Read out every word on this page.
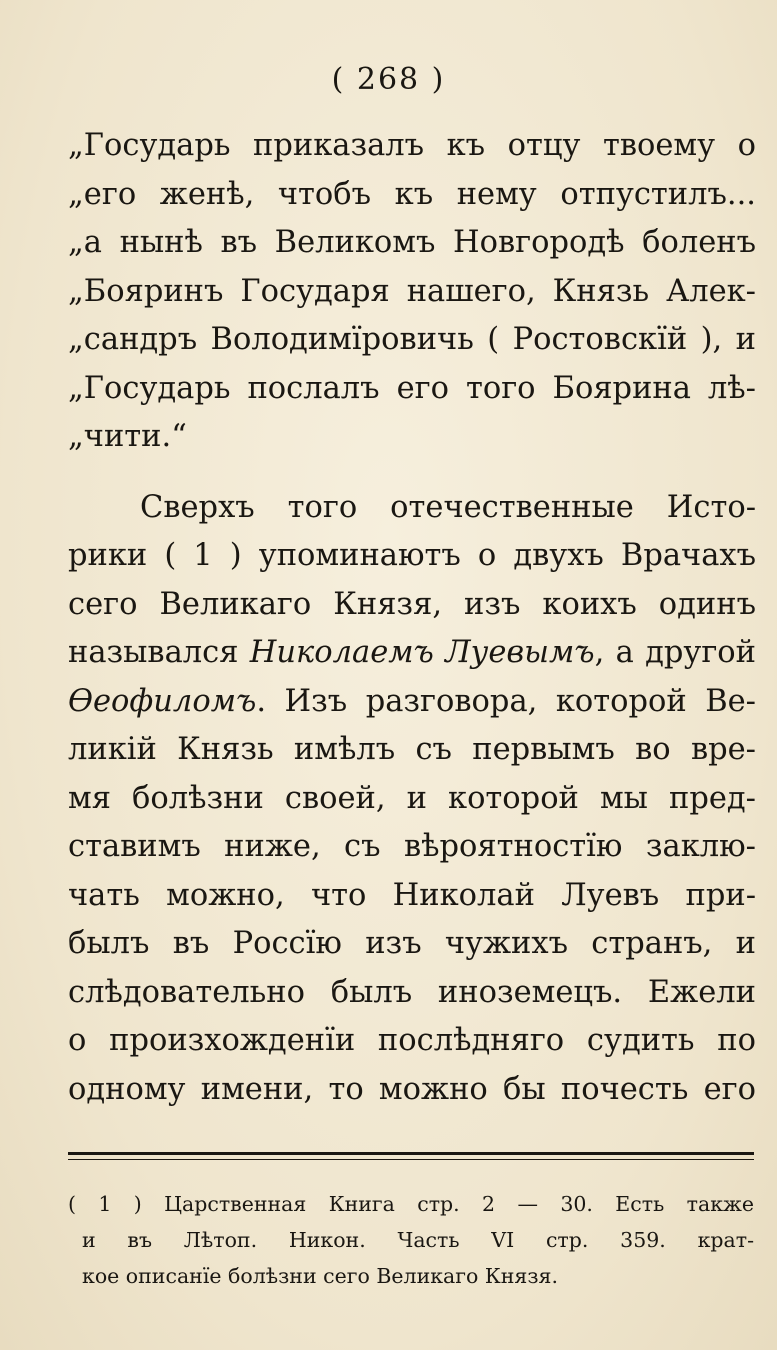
( 268 )
„Государь приказалъ къ отцу твоему о
„его женѣ, чтобъ къ нему отпустилъ...
„а нынѣ въ Великомъ Новгородѣ боленъ
„Бояринъ Государя нашего, Князь Алек-
„сандръ Володимїровичь ( Ростовскїй ), и
„Государь послалъ его того Боярина лѣ-
„чити.“
Сверхъ того отечественные Исто-
рики ( 1 ) упоминаютъ о двухъ Врачахъ
сего Великаго Князя, изъ коихъ одинъ
назывался Николаемъ Луевымъ, а другой
Ѳеофиломъ. Изъ разговора, которой Ве-
ликій Князь имѣлъ съ первымъ во вре-
мя болѣзни своей, и которой мы пред-
ставимъ ниже, съ вѣроятностїю заклю-
чать можно, что Николай Луевъ при-
былъ въ Россїю изъ чужихъ странъ, и
слѣдовательно былъ иноземецъ. Ежели
о произхожденїи послѣдняго судить по
одному имени, то можно бы почесть его
( 1 ) Царственная Книга стр. 2 — 30. Есть также
и въ Лѣтоп. Никон. Часть VI стр. 359. крат-
кое описанїе болѣзни сего Великаго Князя.
